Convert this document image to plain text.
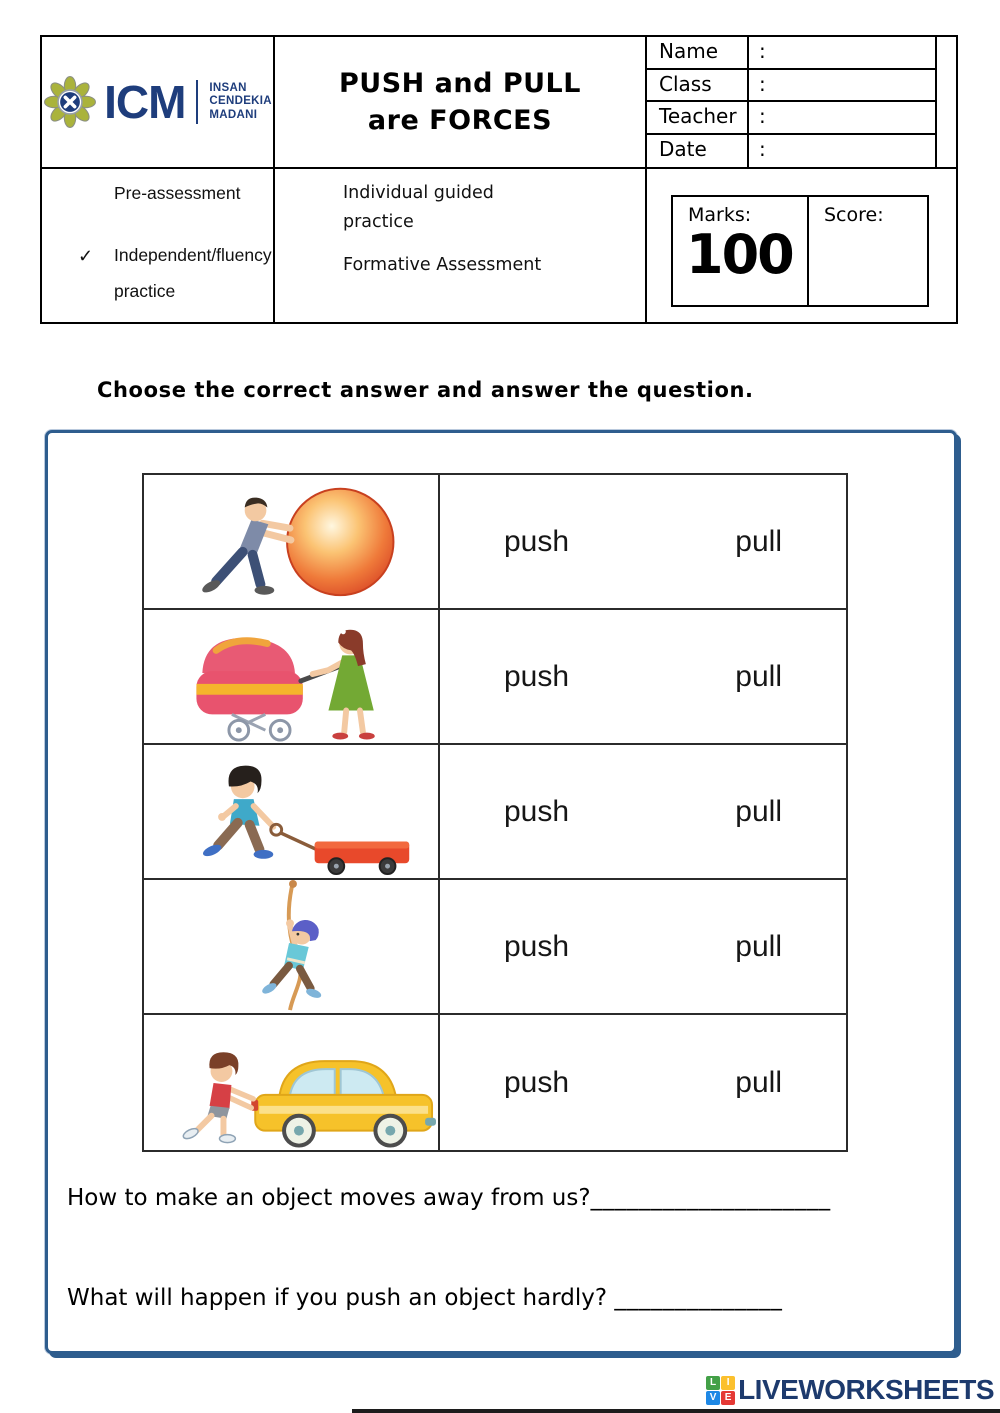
ICM INSAN
CENDEKIA
MADANI
PUSH and PULL
are FORCES
Name	:
Class	:
Teacher	:
Date	:
Pre-assessment
✓ Independent/fluency
practice
Individual guided
practice
Formative Assessment
Marks:
100
Score:
Choose the correct answer and answer the question.
push	pull
push	pull
push	pull
push	pull
push	pull
How to make an object moves away from us?____________________
What will happen if you push an object hardly? ______________
L	I
V E LIVEWORKSHEETS
